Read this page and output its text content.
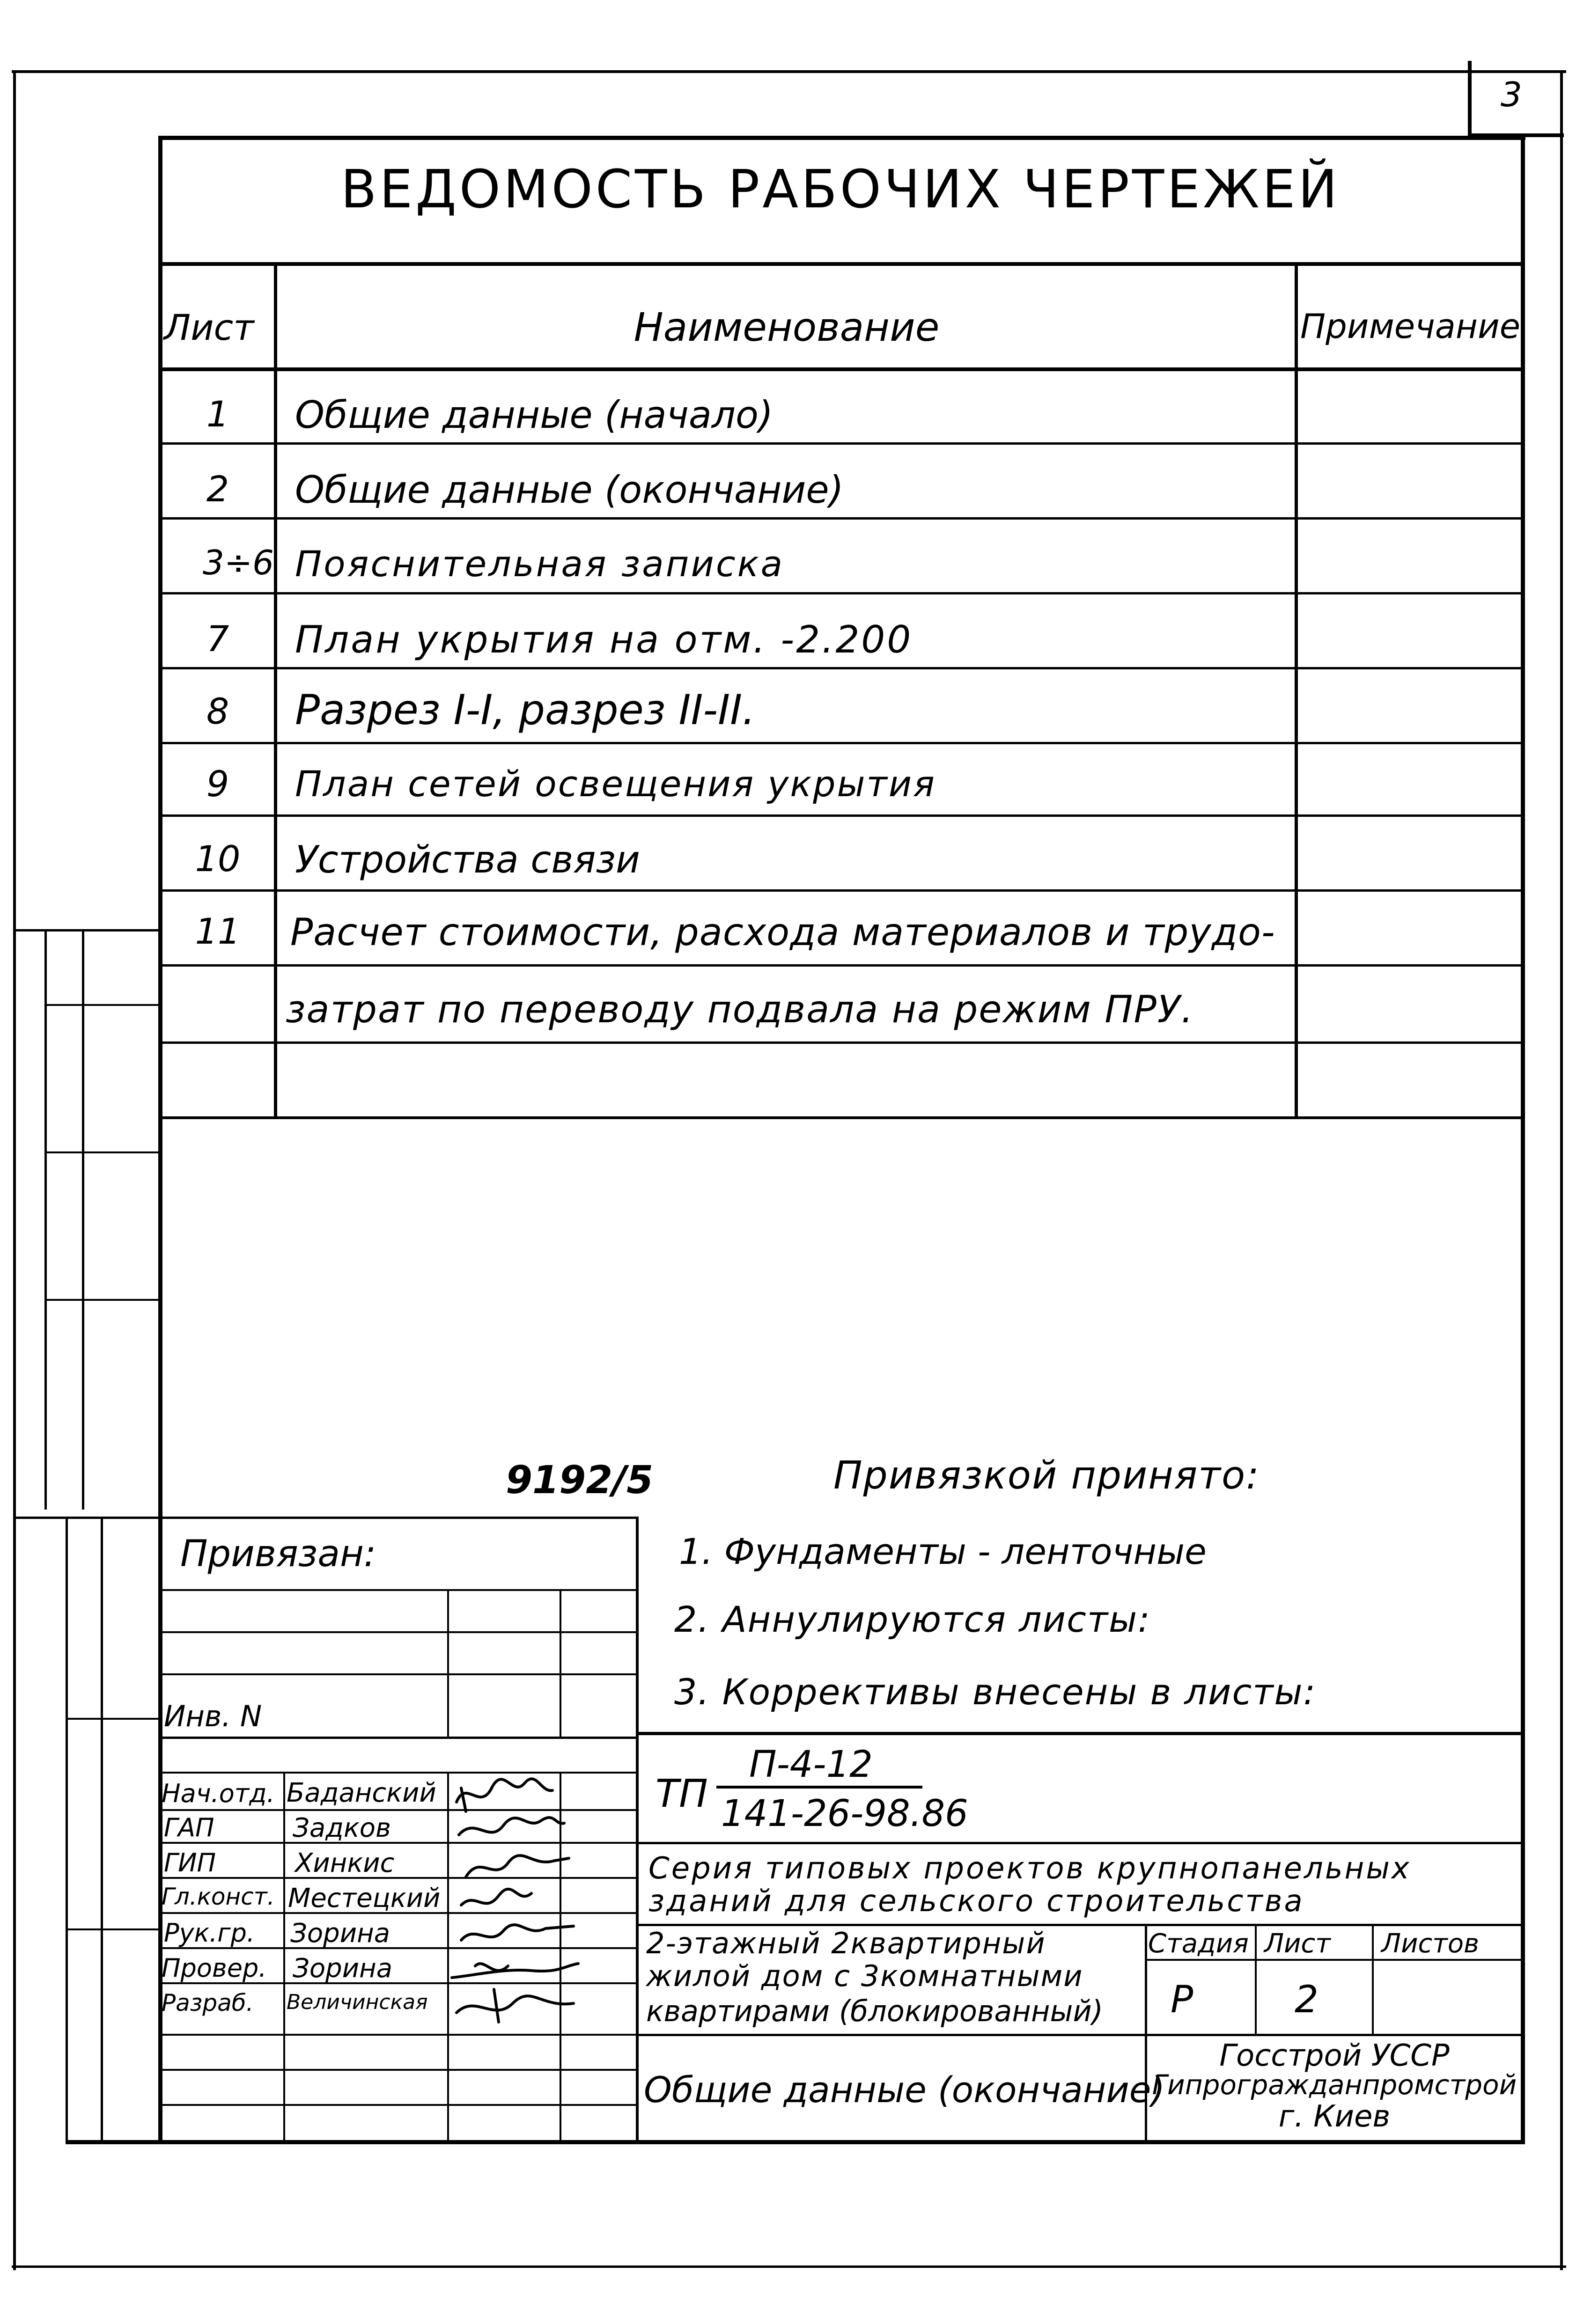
3
ВЕДОМОСТЬ РАБОЧИХ ЧЕРТЕЖЕЙ
Лист	Наименование	Примечание
1	Общие данные (начало)
2	Общие данные (окончание)
3÷6 Пояснительная записка
7	План укрытия на отм. -2.200
8	Разрез I-I, разрез II-II.
9	План сетей освещения укрытия
10	Устройства связи
11	Расчет стоимости, расхода материалов и трудо-
затрат по переводу подвала на режим ПРУ.
9192/5	Привязкой принято:
1. Фундаменты - ленточные
2. Аннулируются листы:
3. Коррективы внесены в листы:
Привязан:
Инв. N
Нач.отд. Баданский
ГАП	Задков
ГИП	Хинкис
Гл.конст. Местецкий
Рук.гр. Зорина
Провер. Зорина
Разраб. Величинская
ТП
П-4-12
141-26-98.86
Серия типовых проектов крупнопанельных
зданий для сельского строительства
2-этажный 2квартирный
жилой дом с 3комнатными
квартирами (блокированный)
Стадия Лист Листов
Р	2
Общие данные (окончание)
Госстрой УССР
Гипрогражданпромстрой
г. Киев
